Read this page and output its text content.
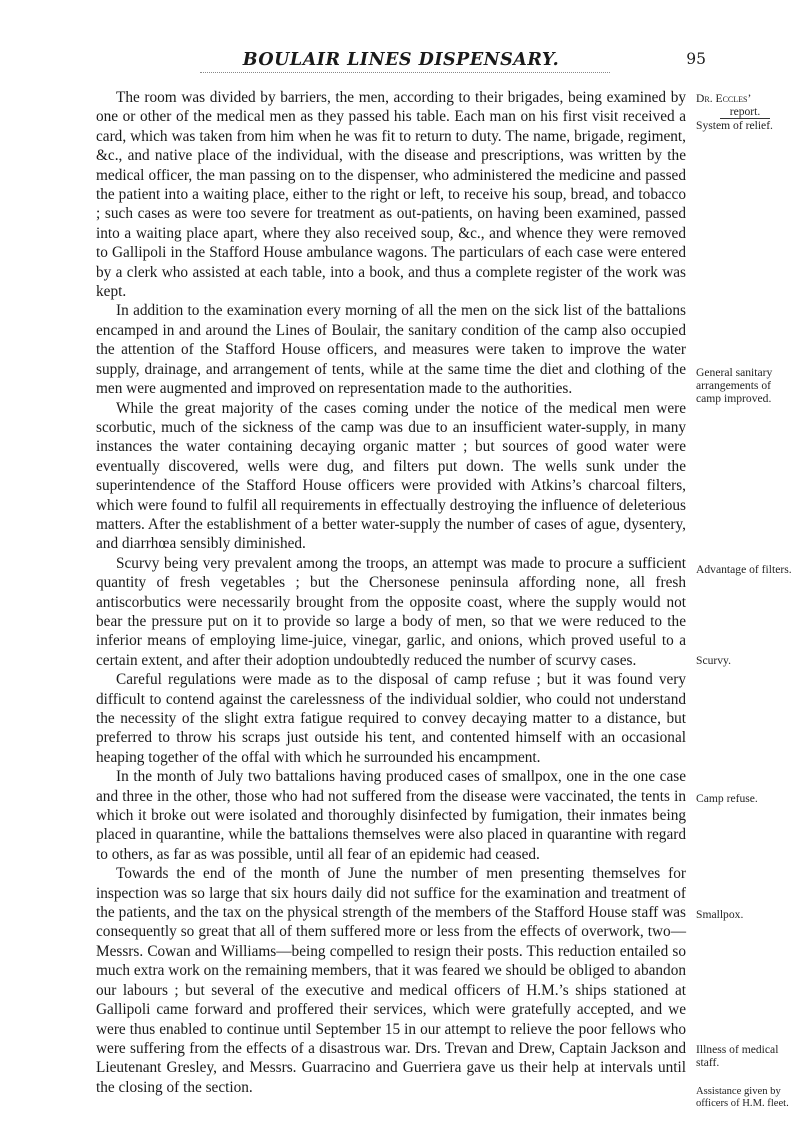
BOULAIR LINES DISPENSARY.	95

The room was divided by barriers, the men, according to their brigades, being examined by one or other of the medical men as they passed his table. Each man on his first visit received a card, which was taken from him when he was fit to return to duty. The name, brigade, regiment, &c., and native place of the individual, with the disease and prescriptions, was written by the medical officer, the man passing on to the dispenser, who administered the medicine and passed the patient into a waiting place, either to the right or left, to receive his soup, bread, and tobacco ; such cases as were too severe for treatment as out-patients, on having been examined, passed into a waiting place apart, where they also received soup, &c., and whence they were removed to Gallipoli in the Stafford House ambulance wagons. The particulars of each case were entered by a clerk who assisted at each table, into a book, and thus a complete register of the work was kept.

In addition to the examination every morning of all the men on the sick list of the battalions encamped in and around the Lines of Boulair, the sanitary condition of the camp also occupied the attention of the Stafford House officers, and measures were taken to improve the water supply, drainage, and arrangement of tents, while at the same time the diet and clothing of the men were augmented and improved on representation made to the authorities.

While the great majority of the cases coming under the notice of the medical men were scorbutic, much of the sickness of the camp was due to an insufficient water-supply, in many instances the water containing decaying organic matter ; but sources of good water were eventually discovered, wells were dug, and filters put down. The wells sunk under the superintendence of the Stafford House officers were provided with Atkins’s charcoal filters, which were found to fulfil all requirements in effectually destroying the influence of deleterious matters. After the establishment of a better water-supply the number of cases of ague, dysentery, and diarrhœa sensibly diminished.

Scurvy being very prevalent among the troops, an attempt was made to procure a sufficient quantity of fresh vegetables ; but the Chersonese peninsula affording none, all fresh antiscorbutics were necessarily brought from the opposite coast, where the supply would not bear the pressure put on it to provide so large a body of men, so that we were reduced to the inferior means of employing lime-juice, vinegar, garlic, and onions, which proved useful to a certain extent, and after their adoption undoubtedly reduced the number of scurvy cases.

Careful regulations were made as to the disposal of camp refuse ; but it was found very difficult to contend against the carelessness of the individual soldier, who could not understand the necessity of the slight extra fatigue required to convey decaying matter to a distance, but preferred to throw his scraps just outside his tent, and contented himself with an occasional heaping together of the offal with which he surrounded his encampment.

In the month of July two battalions having produced cases of smallpox, one in the one case and three in the other, those who had not suffered from the disease were vaccinated, the tents in which it broke out were isolated and thoroughly disinfected by fumigation, their inmates being placed in quarantine, while the battalions themselves were also placed in quarantine with regard to others, as far as was possible, until all fear of an epidemic had ceased.

Towards the end of the month of June the number of men presenting themselves for inspection was so large that six hours daily did not suffice for the examination and treatment of the patients, and the tax on the physical strength of the members of the Stafford House staff was consequently so great that all of them suffered more or less from the effects of overwork, two—Messrs. Cowan and Williams—being compelled to resign their posts. This reduction entailed so much extra work on the remaining members, that it was feared we should be obliged to abandon our labours ; but several of the executive and medical officers of H.M.’s ships stationed at Gallipoli came forward and proffered their services, which were gratefully accepted, and we were thus enabled to continue until September 15 in our attempt to relieve the poor fellows who were suffering from the effects of a disastrous war. Drs. Trevan and Drew, Captain Jackson and Lieutenant Gresley, and Messrs. Guarracino and Guerriera gave us their help at intervals until the closing of the section.

Dr. Eccles’
report.
System of relief.
General sanitary arrangements of camp improved.
Advantage of filters.
Scurvy.
Camp refuse.
Smallpox.
Illness of medical staff.
Assistance given by officers of H.M. fleet.
